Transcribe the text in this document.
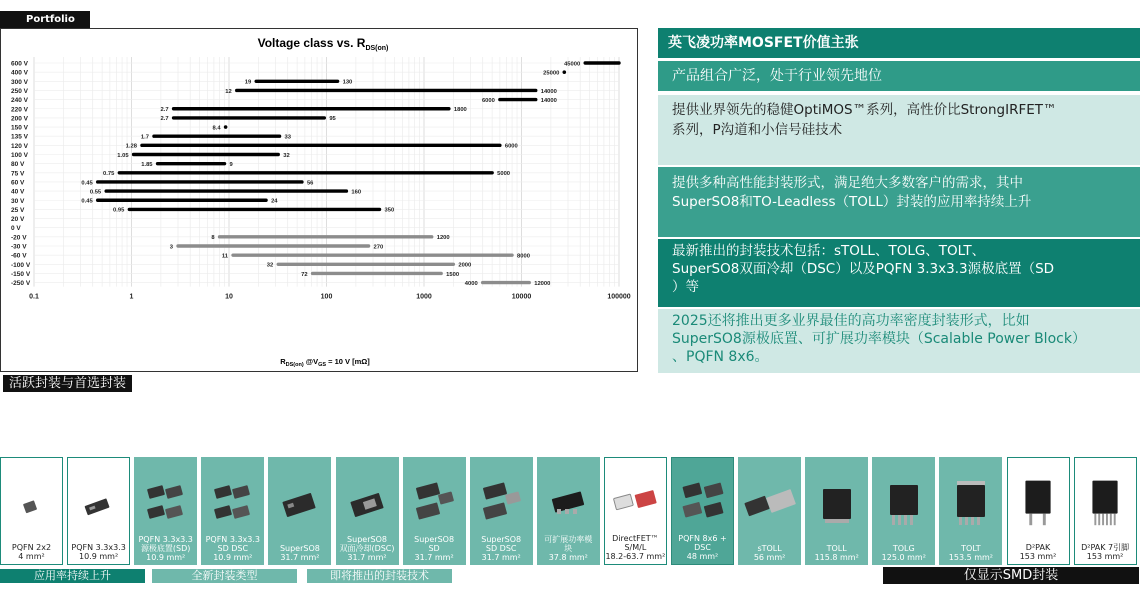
Portfolio
Voltage class vs. $R_{DS(on)}$
600 V
400 V
300 V
250 V
240 V
220 V
200 V
150 V
135 V
120 V
100 V
80 V
75 V
60 V
40 V
30 V
25 V
20 V
0 V
-20 V
-30 V
-60 V
-100 V
-150 V
-250 V
45000
25000
19	130
12	14000
6000	14000
2.7	1800
2.7	95
8.4
1.7	33
1.28	6000
1.05	32
1.85	9
0.75	5000
0.45	56
0.55	160
0.45	24
0.95	350
8	1200
3	270
11	8000
32	2000
72	1500
4000	12000
0.1	1	10	100	1000	10000	100000
$R_{DS(on)}$ $@V_{GS} = 10$ V [mΩ]
英飞凌功率MOSFET价值主张
产品组合广泛，处于行业领先地位
提供业界领先的稳健OptiMOS™系列，高性价比StrongIRFET™
系列，P沟道和小信号硅技术
提供多种高性能封装形式，满足绝大多数客户的需求，其中
SuperSO8和TO-Leadless（TOLL）封装的应用率持续上升
最新推出的封装技术包括：sTOLL、TOLG、TOLT、
SuperSO8双面冷却（DSC）以及PQFN 3.3x3.3源极底置（SD
）等
2025还将推出更多业界最佳的高功率密度封装形式，比如
SuperSO8源极底置、可扩展功率模块（Scalable Power Block）
、PQFN 8x6。
活跃封装与首选封装
PQFN 2x2
4 mm²
PQFN 3.3x3.3
10.9 mm²
PQFN 3.3x3.3
源极底置(SD)
10.9 mm²
PQFN 3.3x3.3
SD DSC
10.9 mm²
SuperSO8
31.7 mm²
SuperSO8
双面冷却(DSC)
31.7 mm²
SuperSO8
SD
31.7 mm²
SuperSO8
SD DSC
31.7 mm²
可扩展功率模
块
37.8 mm²
DirectFET™
S/M/L
18.2-63.7 mm²
PQFN 8x6 +
DSC
48 mm²
sTOLL
56 mm²
TOLL
115.8 mm²
TOLG
125.0 mm²
TOLT
153.5 mm²
D²PAK
153 mm²
D²PAK 7引脚
153 mm²
应用率持续上升	全新封装类型	即将推出的封装技术	仅显示SMD封装
